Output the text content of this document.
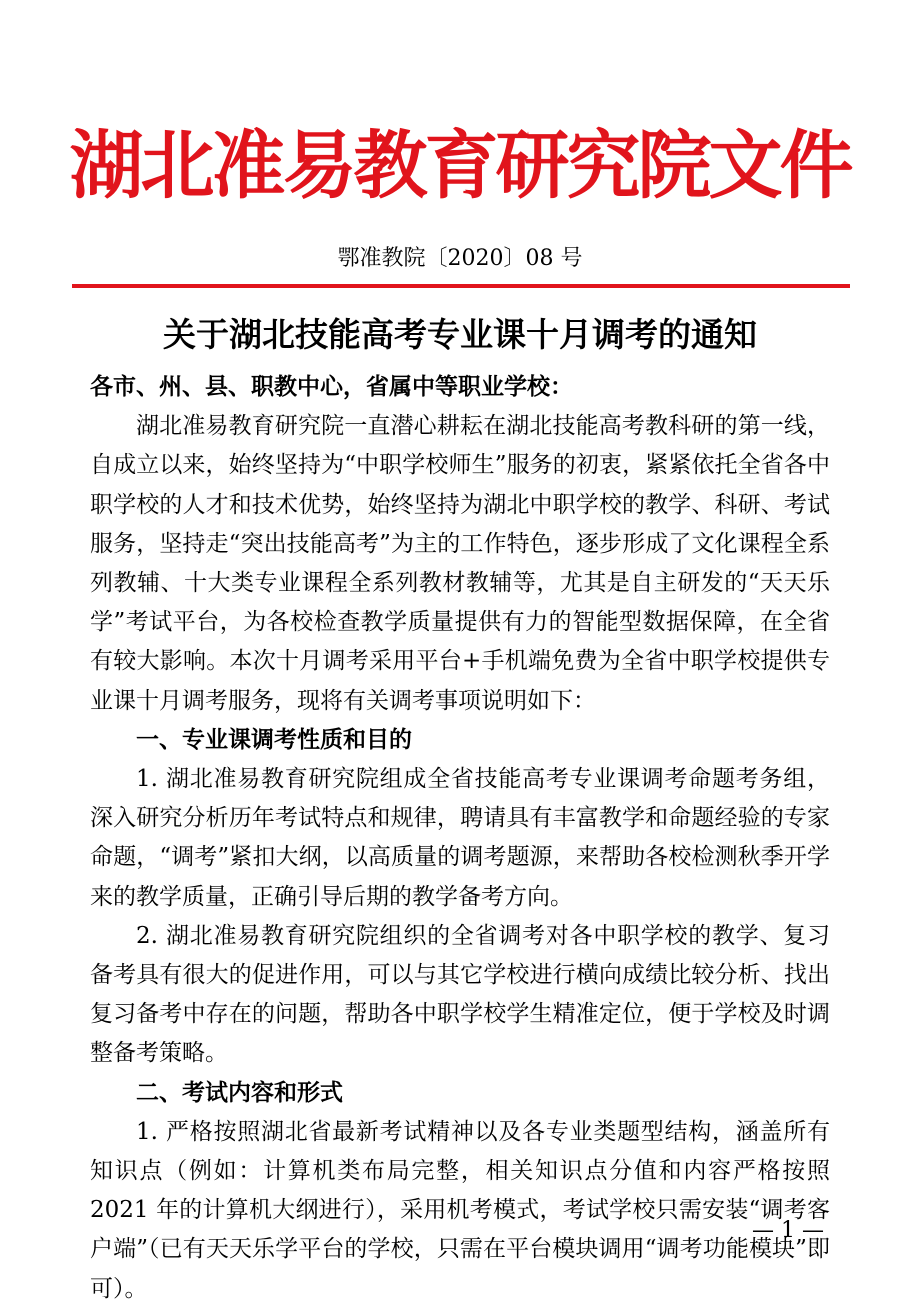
湖北准易教育研究院文件
鄂准教院〔2020〕08 号
关于湖北技能高考专业课十月调考的通知

各市、州、县、职教中心，省属中等职业学校：

湖北准易教育研究院一直潜心耕耘在湖北技能高考教科研的第一线，自成立以来，始终坚持为“中职学校师生”服务的初衷，紧紧依托全省各中职学校的人才和技术优势，始终坚持为湖北中职学校的教学、科研、考试服务，坚持走“突出技能高考”为主的工作特色，逐步形成了文化课程全系列教辅、十大类专业课程全系列教材教辅等，尤其是自主研发的“天天乐学”考试平台，为各校检查教学质量提供有力的智能型数据保障，在全省有较大影响。本次十月调考采用平台+手机端免费为全省中职学校提供专业课十月调考服务，现将有关调考事项说明如下：

一、专业课调考性质和目的

1. 湖北准易教育研究院组成全省技能高考专业课调考命题考务组，深入研究分析历年考试特点和规律，聘请具有丰富教学和命题经验的专家命题，“调考”紧扣大纲，以高质量的调考题源，来帮助各校检测秋季开学来的教学质量，正确引导后期的教学备考方向。

2. 湖北准易教育研究院组织的全省调考对各中职学校的教学、复习备考具有很大的促进作用，可以与其它学校进行横向成绩比较分析、找出复习备考中存在的问题，帮助各中职学校学生精准定位，便于学校及时调整备考策略。

二、考试内容和形式

1. 严格按照湖北省最新考试精神以及各专业类题型结构，涵盖所有知识点（例如：计算机类布局完整，相关知识点分值和内容严格按照 2021 年的计算机大纲进行），采用机考模式，考试学校只需安装“调考客户端”（已有天天乐学平台的学校，只需在平台模块调用“调考功能模块”即可）。

— 1 —
